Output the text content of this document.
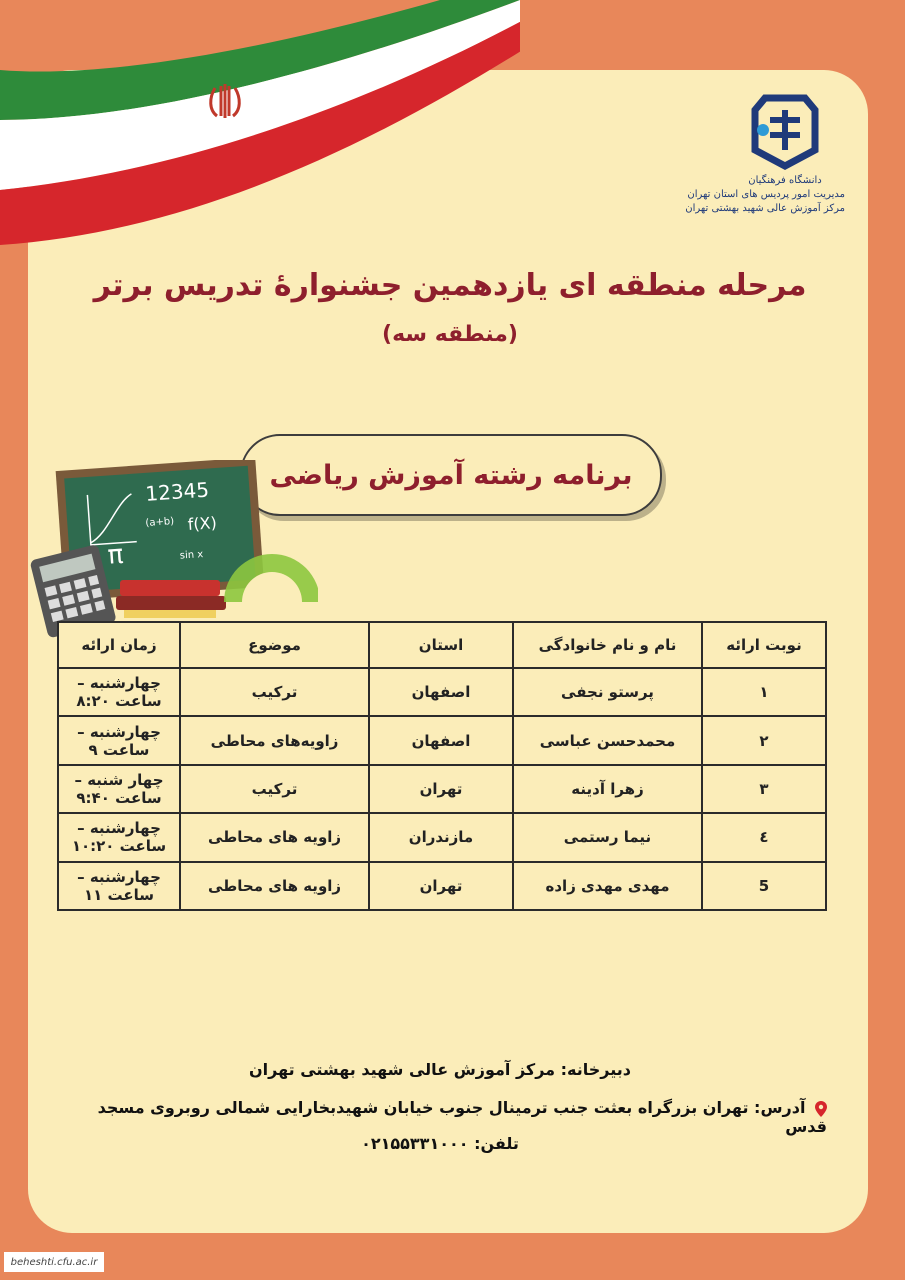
دانشگاه فرهنگیان
مدیریت امور پردیس های استان تهران
مرکز آموزش عالی شهید بهشتی تهران
مرحله منطقه ای یازدهمین جشنوارۀ تدریس برتر
(منطقه سه)
برنامه رشته آموزش ریاضی
12345
(a+b) f(X)
π	sin x
نوبت ارائه	نام و نام خانوادگی	استان	موضوع	زمان ارائه
۱	پرستو نجفی	اصفهان	ترکیب	چهارشنبه – ساعت ۸:۲۰
۲	محمدحسن عباسی	اصفهان	زاویه‌های محاطی	چهارشنبه – ساعت ۹
۳	زهرا آدینه	تهران	ترکیب	چهار شنبه – ساعت ۹:۴۰
٤	نیما رستمی	مازندران	زاویه های محاطی	چهارشنبه – ساعت ۱۰:۲۰
5	مهدی مهدی زاده	تهران	زاویه های محاطی	چهارشنبه – ساعت ۱۱
دبیرخانه: مرکز آموزش عالی شهید بهشتی تهران
آدرس: تهران بزرگراه بعثت جنب ترمینال جنوب خیابان شهیدبخارایی شمالی روبروی مسجد قدس
تلفن: ۰۲۱۵۵۳۳۱۰۰۰
beheshti.cfu.ac.ir
